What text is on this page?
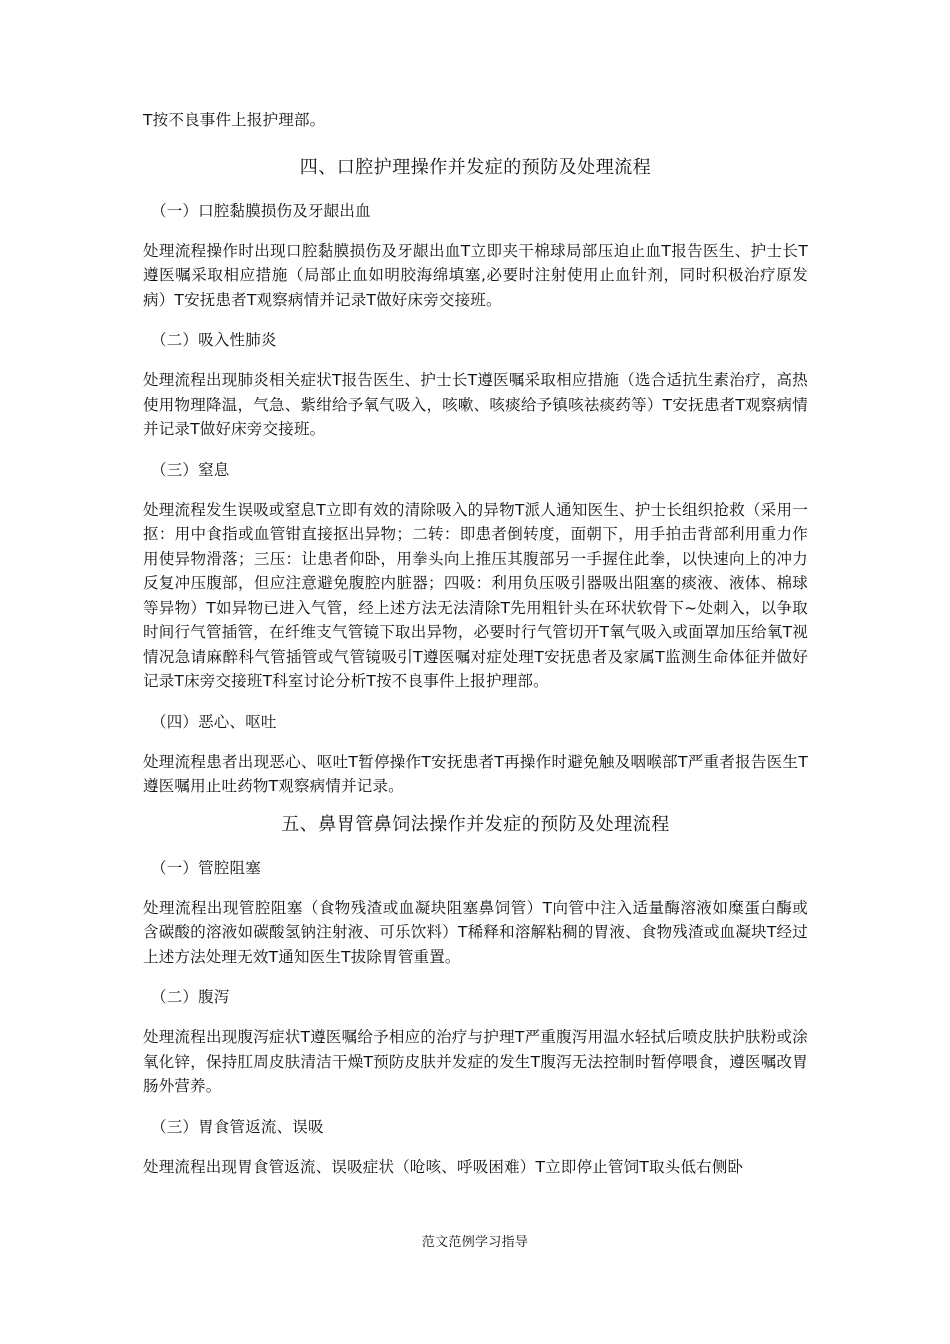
T按不良事件上报护理部。

四、口腔护理操作并发症的预防及处理流程
（一）口腔黏膜损伤及牙龈出血

处理流程操作时出现口腔黏膜损伤及牙龈出血T立即夹干棉球局部压迫止血T报告医生、护士长T遵医嘱采取相应措施（局部止血如明胶海绵填塞,必要时注射使用止血针剂，同时积极治疗原发病）T安抚患者T观察病情并记录T做好床旁交接班。

（二）吸入性肺炎

处理流程出现肺炎相关症状T报告医生、护士长T遵医嘱采取相应措施（选合适抗生素治疗，高热使用物理降温，气急、紫绀给予氧气吸入，咳嗽、咳痰给予镇咳祛痰药等）T安抚患者T观察病情并记录T做好床旁交接班。

（三）窒息

处理流程发生误吸或窒息T立即有效的清除吸入的异物T派人通知医生、护士长组织抢救（采用一抠：用中食指或血管钳直接抠出异物；二转：即患者倒转度，面朝下，用手拍击背部利用重力作用使异物滑落；三压：让患者仰卧，用拳头向上推压其腹部另一手握住此拳，以快速向上的冲力反复冲压腹部，但应注意避免腹腔内脏器；四吸：利用负压吸引器吸出阻塞的痰液、液体、棉球等异物）T如异物已进入气管，经上述方法无法清除T先用粗针头在环状软骨下~处刺入，以争取时间行气管插管，在纤维支气管镜下取出异物，必要时行气管切开T氧气吸入或面罩加压给氧T视情况急请麻醉科气管插管或气管镜吸引T遵医嘱对症处理T安抚患者及家属T监测生命体征并做好记录T床旁交接班T科室讨论分析T按不良事件上报护理部。

（四）恶心、呕吐

处理流程患者出现恶心、呕吐T暂停操作T安抚患者T再操作时避免触及咽喉部T严重者报告医生T遵医嘱用止吐药物T观察病情并记录。

五、鼻胃管鼻饲法操作并发症的预防及处理流程
（一）管腔阻塞

处理流程出现管腔阻塞（食物残渣或血凝块阻塞鼻饲管）T向管中注入适量酶溶液如糜蛋白酶或含碳酸的溶液如碳酸氢钠注射液、可乐饮料）T稀释和溶解粘稠的胃液、食物残渣或血凝块T经过上述方法处理无效T通知医生T拔除胃管重置。

（二）腹泻

处理流程出现腹泻症状T遵医嘱给予相应的治疗与护理T严重腹泻用温水轻拭后喷皮肤护肤粉或涂氧化锌，保持肛周皮肤清洁干燥T预防皮肤并发症的发生T腹泻无法控制时暂停喂食，遵医嘱改胃肠外营养。

（三）胃食管返流、误吸

处理流程出现胃食管返流、误吸症状（呛咳、呼吸困难）T立即停止管饲T取头低右侧卧

范文范例学习指导
